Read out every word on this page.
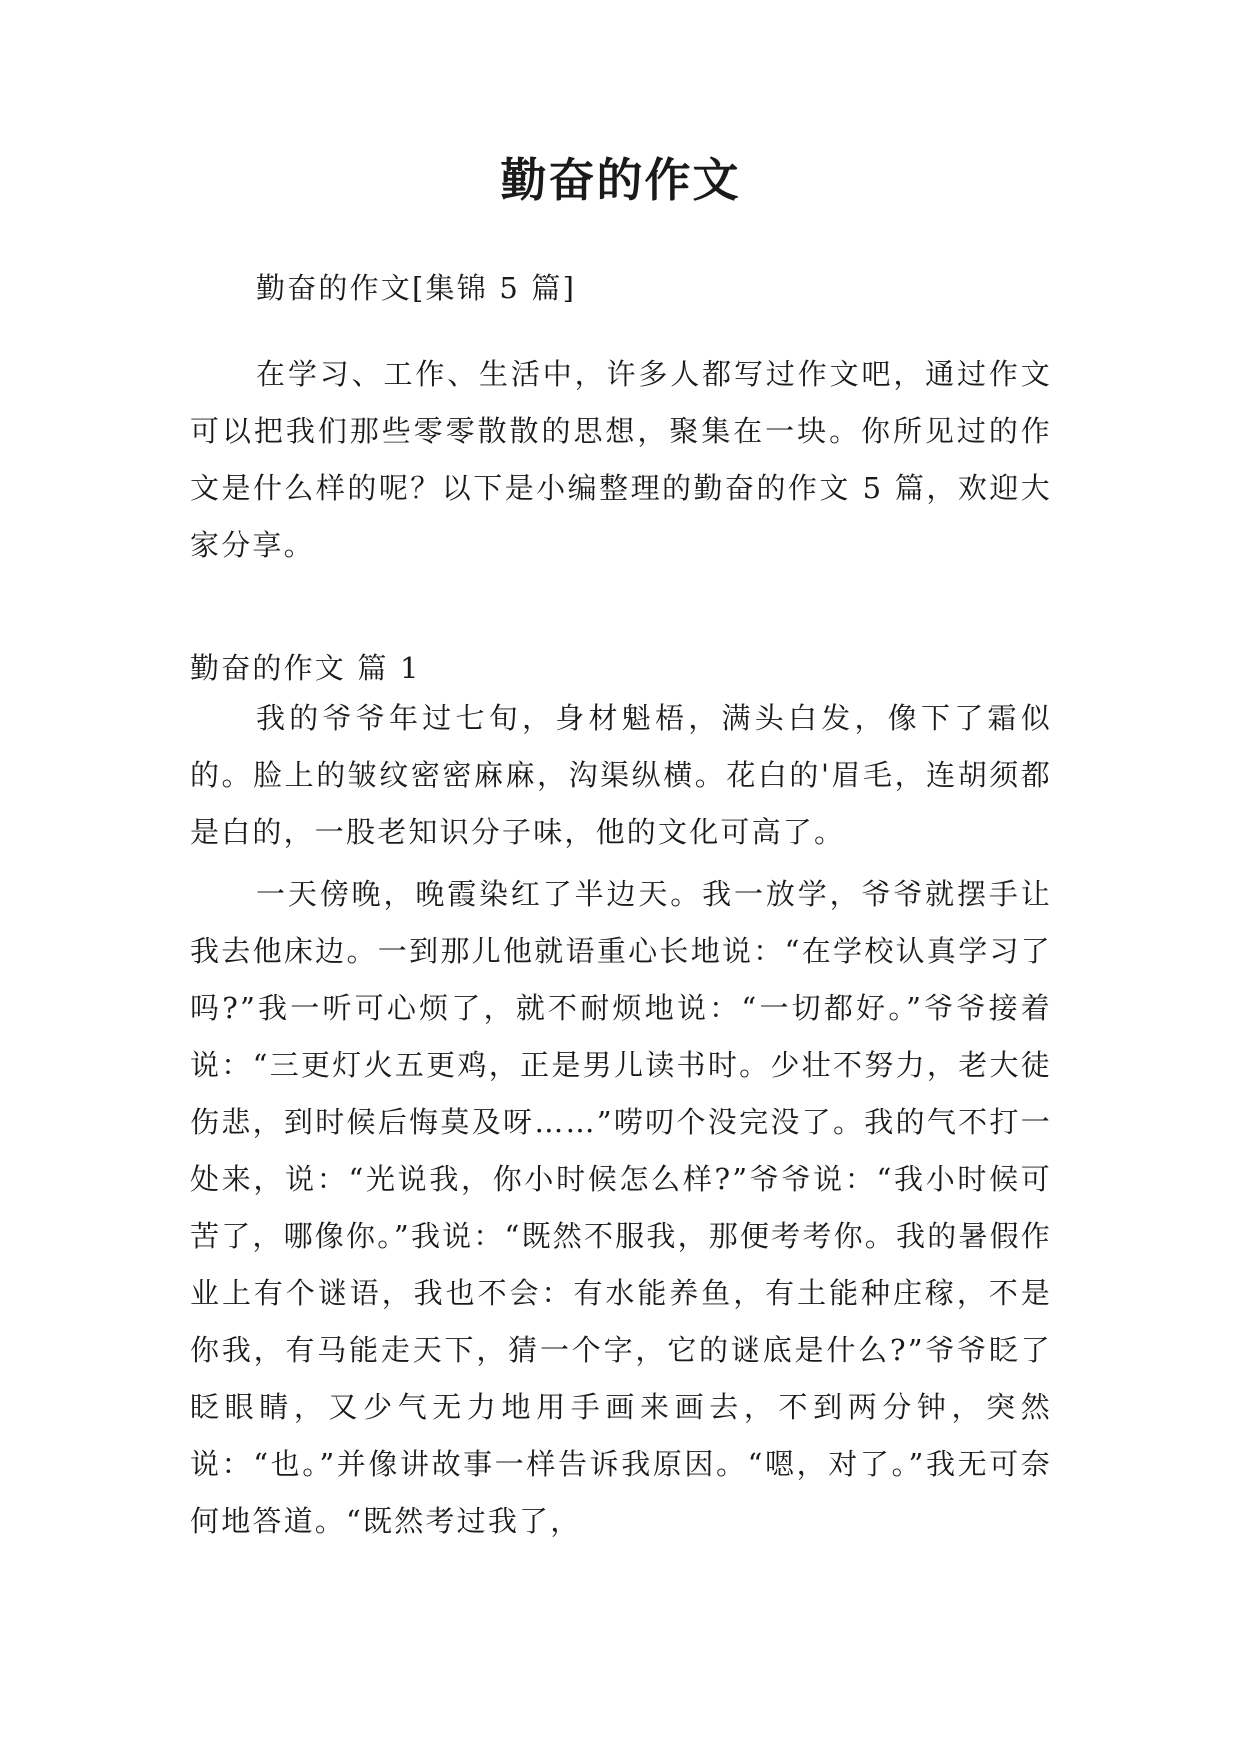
勤奋的作文

勤奋的作文[集锦 5 篇]

在学习、工作、生活中，许多人都写过作文吧，通过作文可以把我们那些零零散散的思想，聚集在一块。你所见过的作文是什么样的呢？以下是小编整理的勤奋的作文 5 篇，欢迎大家分享。

勤奋的作文 篇 1

我的爷爷年过七旬，身材魁梧，满头白发，像下了霜似的。脸上的皱纹密密麻麻，沟渠纵横。花白的'眉毛，连胡须都是白的，一股老知识分子味，他的文化可高了。

一天傍晚，晚霞染红了半边天。我一放学，爷爷就摆手让我去他床边。一到那儿他就语重心长地说：“在学校认真学习了吗?”我一听可心烦了，就不耐烦地说：“一切都好。”爷爷接着说：“三更灯火五更鸡，正是男儿读书时。少壮不努力，老大徒伤悲，到时候后悔莫及呀……”唠叨个没完没了。我的气不打一处来，说：“光说我，你小时候怎么样?”爷爷说：“我小时候可苦了，哪像你。”我说：“既然不服我，那便考考你。我的暑假作业上有个谜语，我也不会：有水能养鱼，有土能种庄稼，不是你我，有马能走天下，猜一个字，它的谜底是什么?”爷爷眨了眨眼睛，又少气无力地用手画来画去，不到两分钟，突然说：“也。”并像讲故事一样告诉我原因。“嗯，对了。”我无可奈何地答道。“既然考过我了，
